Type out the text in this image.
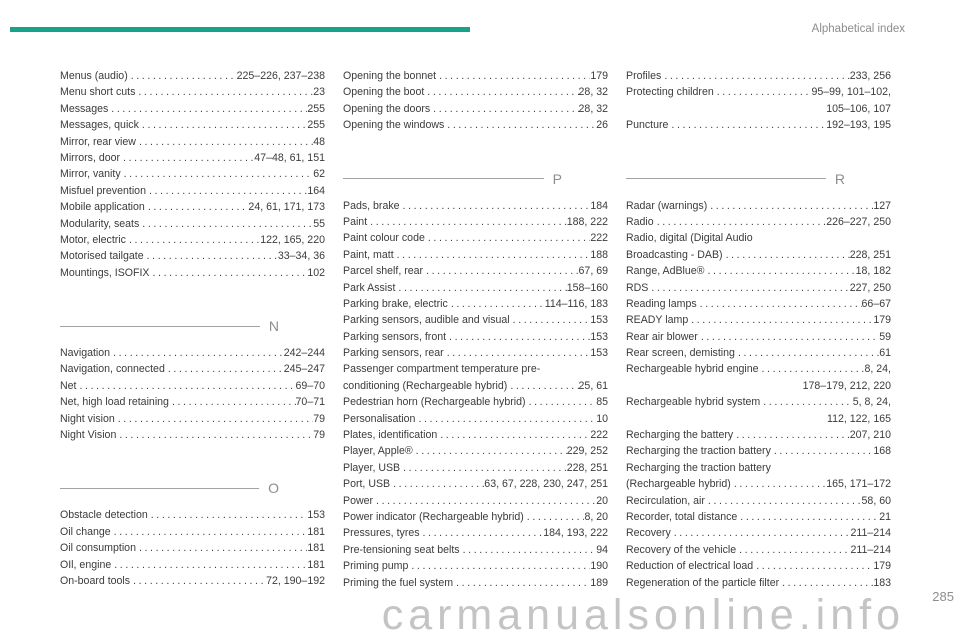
Alphabetical index
Menus (audio) .....	225–226, 237–238
Menu short cuts .....	23
Messages .....	255
Messages, quick .....	255
Mirror, rear view .....	48
Mirrors, door .....	47–48, 61, 151
Mirror, vanity .....	62
Misfuel prevention .....	164
Mobile application .....	24, 61, 171, 173
Modularity, seats .....	55
Motor, electric .....	122, 165, 220
Motorised tailgate .....	33–34, 36
Mountings, ISOFIX .....	102
N
Navigation .....	242–244
Navigation, connected .....	245–247
Net .....	69–70
Net, high load retaining .....	70–71
Night vision .....	79
Night Vision .....	79
O
Obstacle detection .....	153
Oil change .....	181
Oil consumption .....	181
OIl, engine .....	181
On-board tools .....	72, 190–192
Opening the bonnet .....	179
Opening the boot .....	28, 32
Opening the doors .....	28, 32
Opening the windows .....	26
P
Pads, brake .....	184
Paint .....	188, 222
Paint colour code .....	222
Paint, matt .....	188
Parcel shelf, rear .....	67, 69
Park Assist .....	158–160
Parking brake, electric .....	114–116, 183
Parking sensors, audible and visual .....	153
Parking sensors, front .....	153
Parking sensors, rear .....	153
Passenger compartment temperature pre-
conditioning (Rechargeable hybrid) .....	25, 61
Pedestrian horn (Rechargeable hybrid) .....	85
Personalisation .....	10
Plates, identification .....	222
Player, Apple® .....	229, 252
Player, USB .....	228, 251
Port, USB .....	63, 67, 228, 230, 247, 251
Power .....	20
Power indicator (Rechargeable hybrid) .....	8, 20
Pressures, tyres .....	184, 193, 222
Pre-tensioning seat belts .....	94
Priming pump .....	190
Priming the fuel system .....	189
Profiles .....	233, 256
Protecting children .....	95–99, 101–102,
105–106, 107
Puncture .....	192–193, 195
R
Radar (warnings) .....	127
Radio .....	226–227, 250
Radio, digital (Digital Audio
Broadcasting - DAB) .....	228, 251
Range, AdBlue® .....	18, 182
RDS .....	227, 250
Reading lamps .....	66–67
READY lamp .....	179
Rear air blower .....	59
Rear screen, demisting .....	61
Rechargeable hybrid engine .....	8, 24,
178–179, 212, 220
Rechargeable hybrid system .....	5, 8, 24,
112, 122, 165
Recharging the battery .....	207, 210
Recharging the traction battery .....	168
Recharging the traction battery
(Rechargeable hybrid) .....	165, 171–172
Recirculation, air .....	58, 60
Recorder, total distance .....	21
Recovery .....	211–214
Recovery of the vehicle .....	211–214
Reduction of electrical load .....	179
Regeneration of the particle filter .....	183
carmanualsonline.info 285
